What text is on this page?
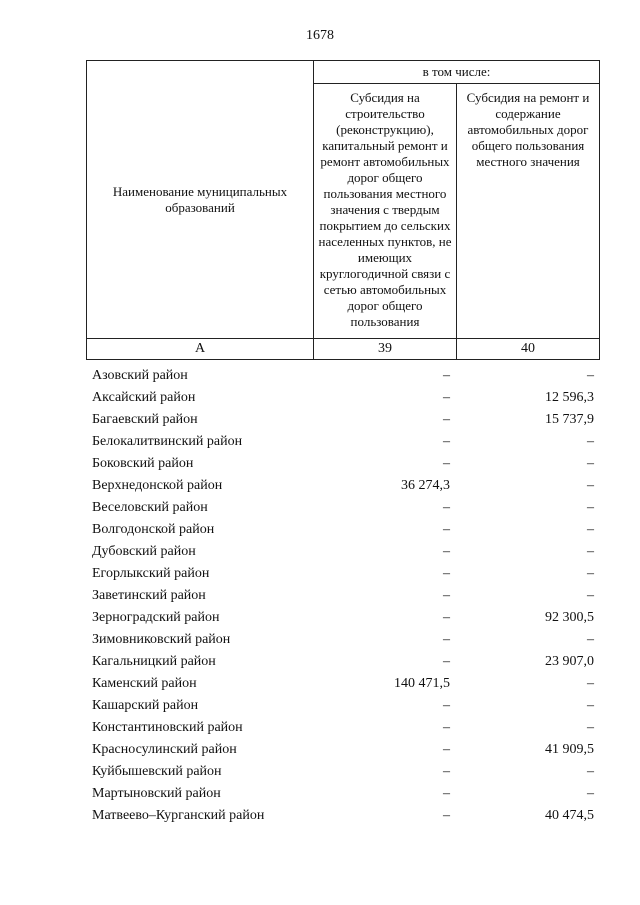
1678
Наименование муниципальных образований	в том числе:	
	Субсидия на строительство (реконструкцию), капитальный ремонт и ремонт автомобильных дорог общего пользования местного значения с твердым покрытием до сельских населенных пунктов, не имеющих круглогодичной связи с сетью автомобильных дорог общего пользования	Субсидия на ремонт и содержание автомобильных дорог общего пользования местного значения
А	39	40
Азовский район	–	–
Аксайский район	–	12 596,3
Багаевский район	–	15 737,9
Белокалитвинский район	–	–
Боковский район	–	–
Верхнедонской район	36 274,3	–
Веселовский район	–	–
Волгодонской район	–	–
Дубовский район	–	–
Егорлыкский район	–	–
Заветинский район	–	–
Зерноградский район	–	92 300,5
Зимовниковский район	–	–
Кагальницкий район	–	23 907,0
Каменский район	140 471,5	–
Кашарский район	–	–
Константиновский район	–	–
Красносулинский район	–	41 909,5
Куйбышевский район	–	–
Мартыновский район	–	–
Матвеево–Курганский район	–	40 474,5
